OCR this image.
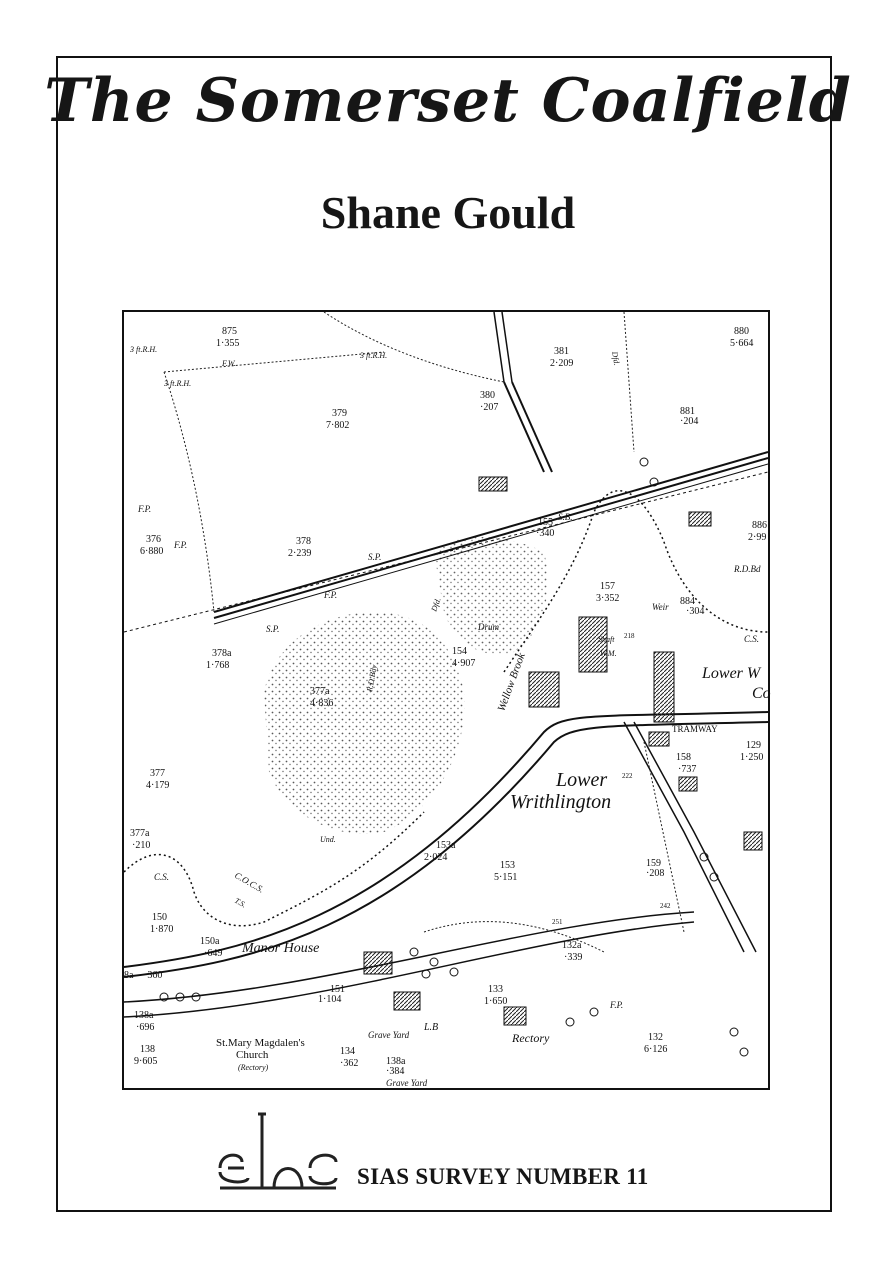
The Somerset Coalfield
Shane Gould
875
1·355
381
2·209
880
5·664
379
7·802
380
·207	881
·204
376
6·880
378
2·239
155
·340
157
3·352	884
·304
378a
1·768
154
4·907
377a
4·836
377
4·179
158
·737
129
1·250
377a
·210	153a
2·024
153
5·151
159
·208
150
1·870
150a
·649
132a
·339
151
1·104
133
1·650
138a
·696
138
9·605
134
·362	138a
·384
132
6·126
8a ·360
886
2·99
251
242
218
222
Lower
Writhlington
Manor House
Lower W
Co
Rectory
Grave Yard
Grave Yard
L.B
Shaft
Drum
Weir
S.P.
S.P.
S.B.
W.M.
R.D.Bd
C.S.
C.S.
Und.
F.W.
3 ft.R.H.
3 ft.R.H.
3 ft.R.H.
F.P.
F.P.
F.P.
F.P.
Wellow Brook
R.D.Bdy
C.O.C.S.
T.S.
Dfd.
Dfd.
TRAMWAY
St.Mary Magdalen's
Church
(Rectory)
SIAS SURVEY NUMBER 11
